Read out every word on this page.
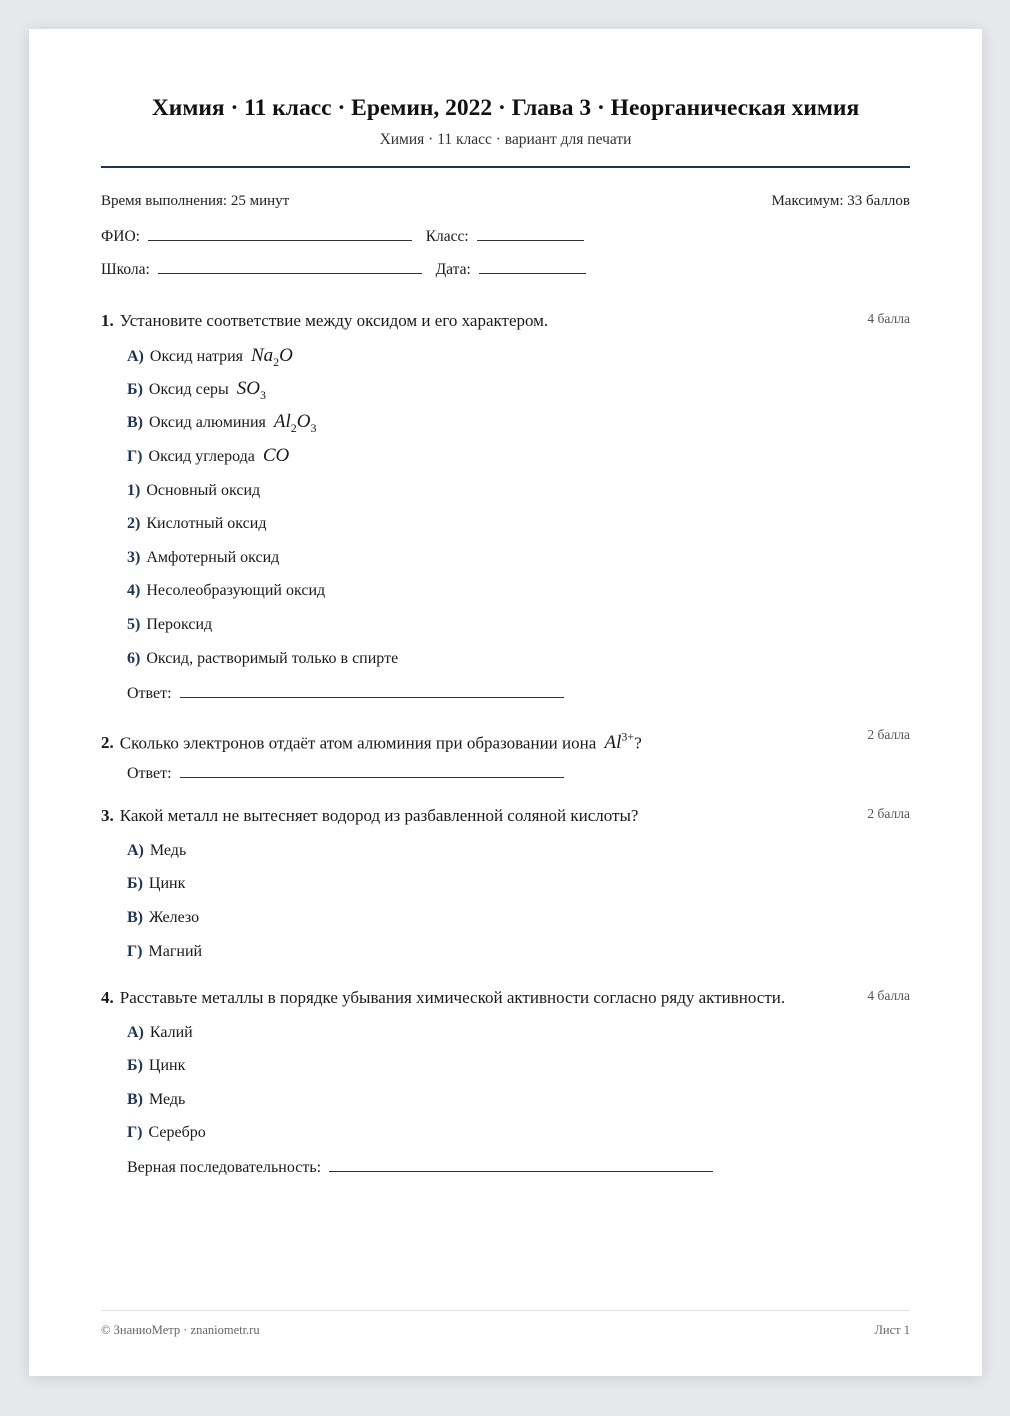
Химия · 11 класс · Еремин, 2022 · Глава 3 · Неорганическая химия
Химия · 11 класс · вариант для печати
Время выполнения: 25 минут	Максимум: 33 баллов
ФИО:	Класс:
Школа:	Дата:
1. Установите соответствие между оксидом и его характером.	4 балла
А) Оксид натрия $Na_2O$
Б) Оксид серы $SO_3$
В) Оксид алюминия $Al_2O_3$
Г) Оксид углерода CO
1) Основный оксид
2) Кислотный оксид
3) Амфотерный оксид
4) Несолеобразующий оксид
5) Пероксид
6) Оксид, растворимый только в спирте
Ответ:
2. Сколько электронов отдаёт атом алюминия при образовании иона $Al^{3+}$?	2 балла
Ответ:
3. Какой металл не вытесняет водород из разбавленной соляной кислоты?	2 балла
А) Медь
Б) Цинк
В) Железо
Г) Магний
4. Расставьте металлы в порядке убывания химической активности согласно ряду активности.	4 балла
А) Калий
Б) Цинк
В) Медь
Г) Серебро
Верная последовательность:
© ЗнаниоМетр · znaniometr.ru	Лист 1
